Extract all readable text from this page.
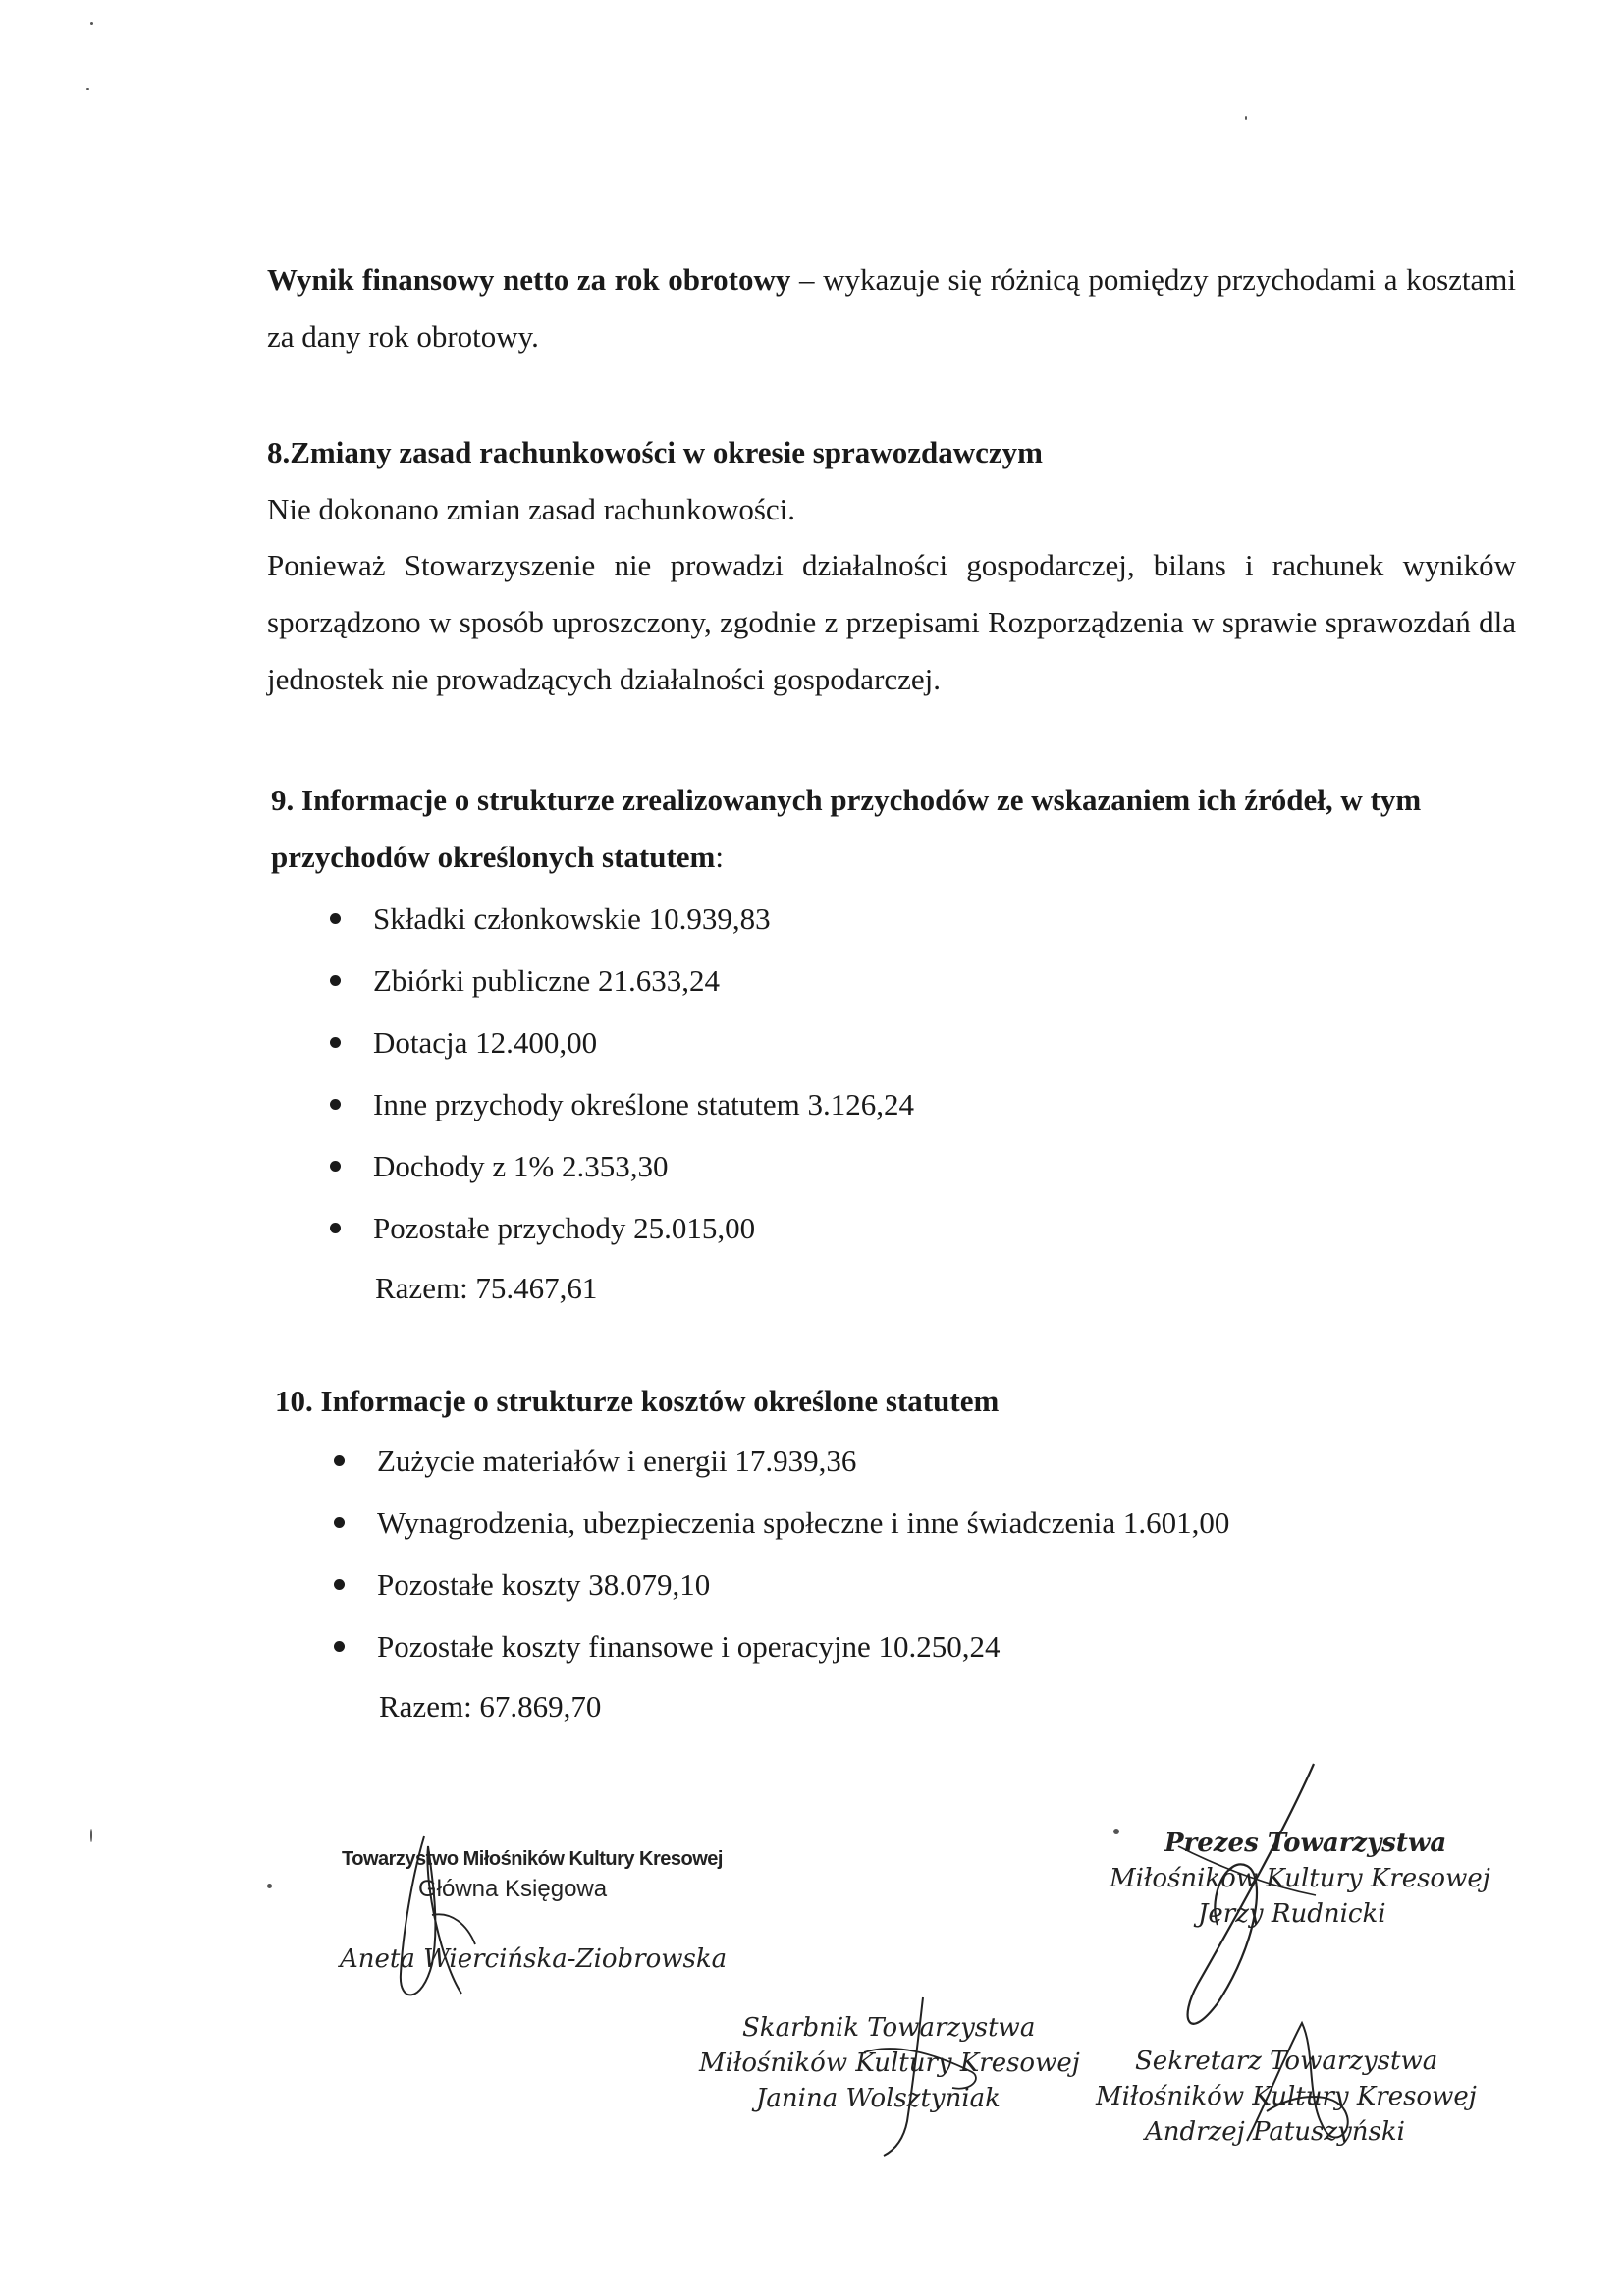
Wynik finansowy netto za rok obrotowy – wykazuje się różnicą pomiędzy przychodami a kosztami za dany rok obrotowy.
8.Zmiany zasad rachunkowości w okresie sprawozdawczym
Nie dokonano zmian zasad rachunkowości.
Ponieważ Stowarzyszenie nie prowadzi działalności gospodarczej, bilans i rachunek wyników sporządzono w sposób uproszczony, zgodnie z przepisami Rozporządzenia w sprawie sprawozdań dla jednostek nie prowadzących działalności gospodarczej.
9. Informacje o strukturze zrealizowanych przychodów ze wskazaniem ich źródeł, w tym
przychodów określonych statutem:
Składki członkowskie 10.939,83
Zbiórki publiczne 21.633,24
Dotacja 12.400,00
Inne przychody określone statutem 3.126,24
Dochody z 1% 2.353,30
Pozostałe przychody 25.015,00
Razem: 75.467,61
10. Informacje o strukturze kosztów określone statutem
Zużycie materiałów i energii 17.939,36
Wynagrodzenia, ubezpieczenia społeczne i inne świadczenia 1.601,00
Pozostałe koszty 38.079,10
Pozostałe koszty finansowe i operacyjne 10.250,24
Razem: 67.869,70
Towarzystwo Miłośników Kultury Kresowej
Główna Księgowa
Aneta Wiercińska-Ziobrowska
Prezes Towarzystwa
Miłośników Kultury Kresowej
Jerzy Rudnicki
Skarbnik Towarzystwa
Miłośników Kultury Kresowej
Janina Wolsztyniak
Sekretarz Towarzystwa
Miłośników Kultury Kresowej
Andrzej Patuszyński
